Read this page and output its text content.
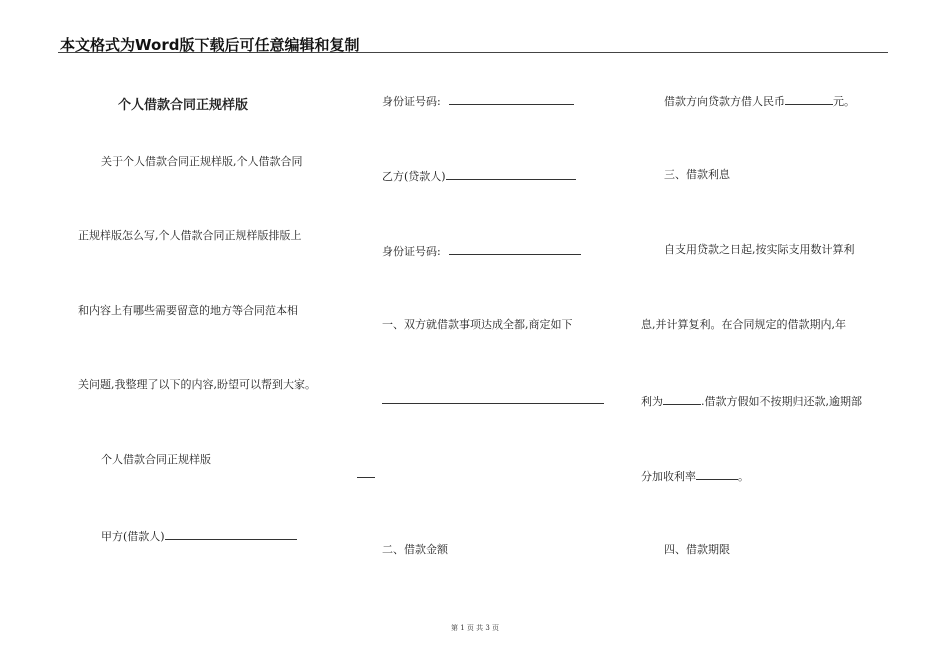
本文格式为Word版下载后可任意编辑和复制
个人借款合同正规样版
关于个人借款合同正规样版,个人借款合同
正规样版怎么写,个人借款合同正规样版排版上
和内容上有哪些需要留意的地方等合同范本相
关问题,我整理了以下的内容,盼望可以帮到大家。
个人借款合同正规样版
甲方(借款人)
身份证号码:
乙方(贷款人)
身份证号码:
一、双方就借款事项达成全都,商定如下
二、借款金额
借款方向贷款方借人民币	元。
三、借款利息
自支用贷款之日起,按实际支用数计算利
息,并计算复利。在合同规定的借款期内,年
利为	.借款方假如不按期归还款,逾期部
分加收利率	。
四、借款期限
第 1 页 共 3 页
